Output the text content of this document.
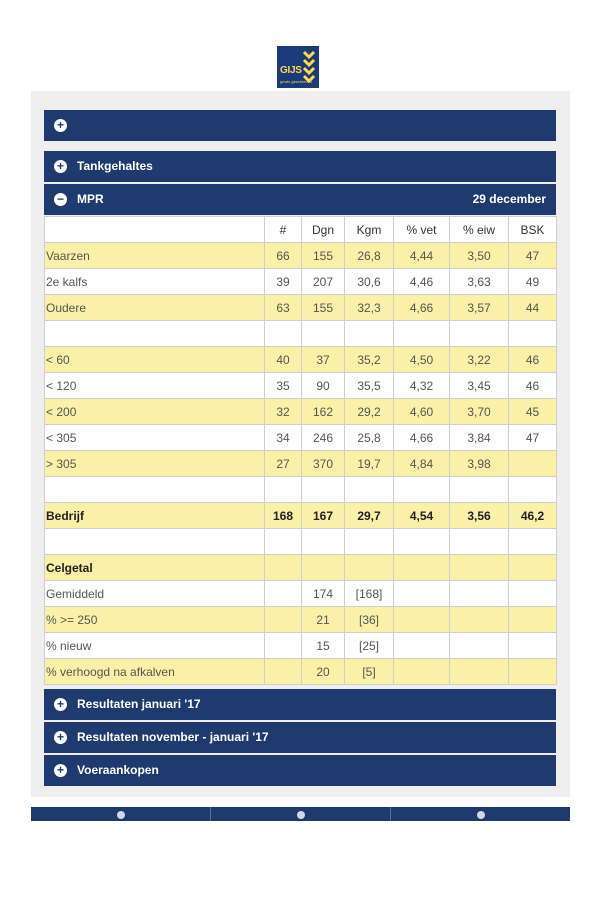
GIJS
gewis geschreven
+
+ Tankgehaltes
− MPR	29 december
	#	Dgn	Kgm	% vet	% eiw	BSK
Vaarzen	66	155	26,8	4,44	3,50	47
2e kalfs	39	207	30,6	4,46	3,63	49
Oudere	63	155	32,3	4,66	3,57	44

< 60	40	37	35,2	4,50	3,22	46
< 120	35	90	35,5	4,32	3,45	46
< 200	32	162	29,2	4,60	3,70	45
< 305	34	246	25,8	4,66	3,84	47
> 305	27	370	19,7	4,84	3,98	

Bedrijf	168	167	29,7	4,54	3,56	46,2

Celgetal						
Gemiddeld		174	[168]			
% >= 250		21	[36]			
% nieuw		15	[25]			
% verhoogd na afkalven		20	[5]			
+ Resultaten januari '17
+ Resultaten november - januari '17
+ Voeraankopen
